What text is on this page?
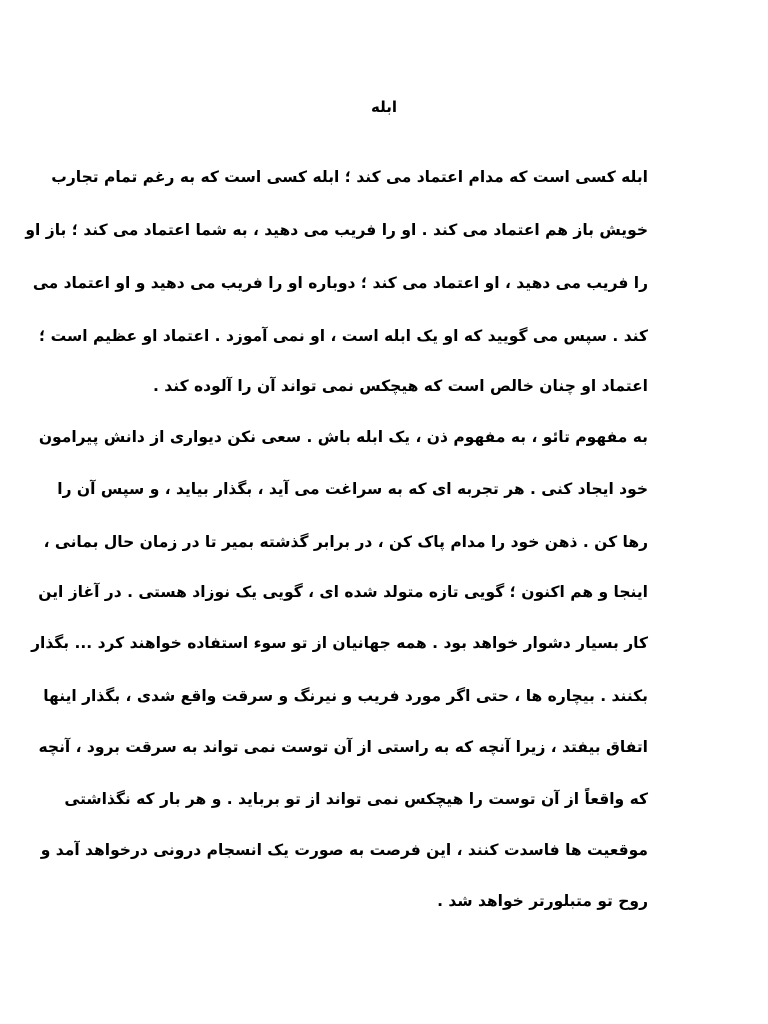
ابله
ابله کسی است که مدام اعتماد می کند ؛ ابله کسی است که به رغم تمام تجارب
خویش باز هم اعتماد می کند . او را فریب می دهید ، به شما اعتماد می کند ؛ باز او
را فریب می دهید ، او اعتماد می کند ؛ دوباره او را فریب می دهید و او اعتماد می
کند . سپس می گویید که او یک ابله است ، او نمی آموزد . اعتماد او عظیم است ؛
اعتماد او چنان خالص است که هیچکس نمی تواند آن را آلوده کند .
به مفهوم تائو ، به مفهوم ذن ، یک ابله باش . سعی نکن دیواری از دانش پیرامون
خود ایجاد کنی . هر تجربه ای که به سراغت می آید ، بگذار بیاید ، و سپس آن را
رها کن . ذهن خود را مدام پاک کن ، در برابر گذشته بمیر تا در زمان حال بمانی ،
اینجا و هم اکنون ؛ گویی تازه متولد شده ای ، گویی یک نوزاد هستی . در آغاز این
کار بسیار دشوار خواهد بود . همه جهانیان از تو سوء استفاده خواهند کرد ... بگذار
بکنند . بیچاره ها ، حتی اگر مورد فریب و نیرنگ و سرقت واقع شدی ، بگذار اینها
اتفاق بیفتد ، زیرا آنچه که به راستی از آن توست نمی تواند به سرقت برود ، آنچه
که واقعاً از آن توست را هیچکس نمی تواند از تو برباید . و هر بار که نگذاشتی
موقعیت ها فاسدت کنند ، این فرصت به صورت یک انسجام درونی درخواهد آمد و
روح تو متبلورتر خواهد شد .
